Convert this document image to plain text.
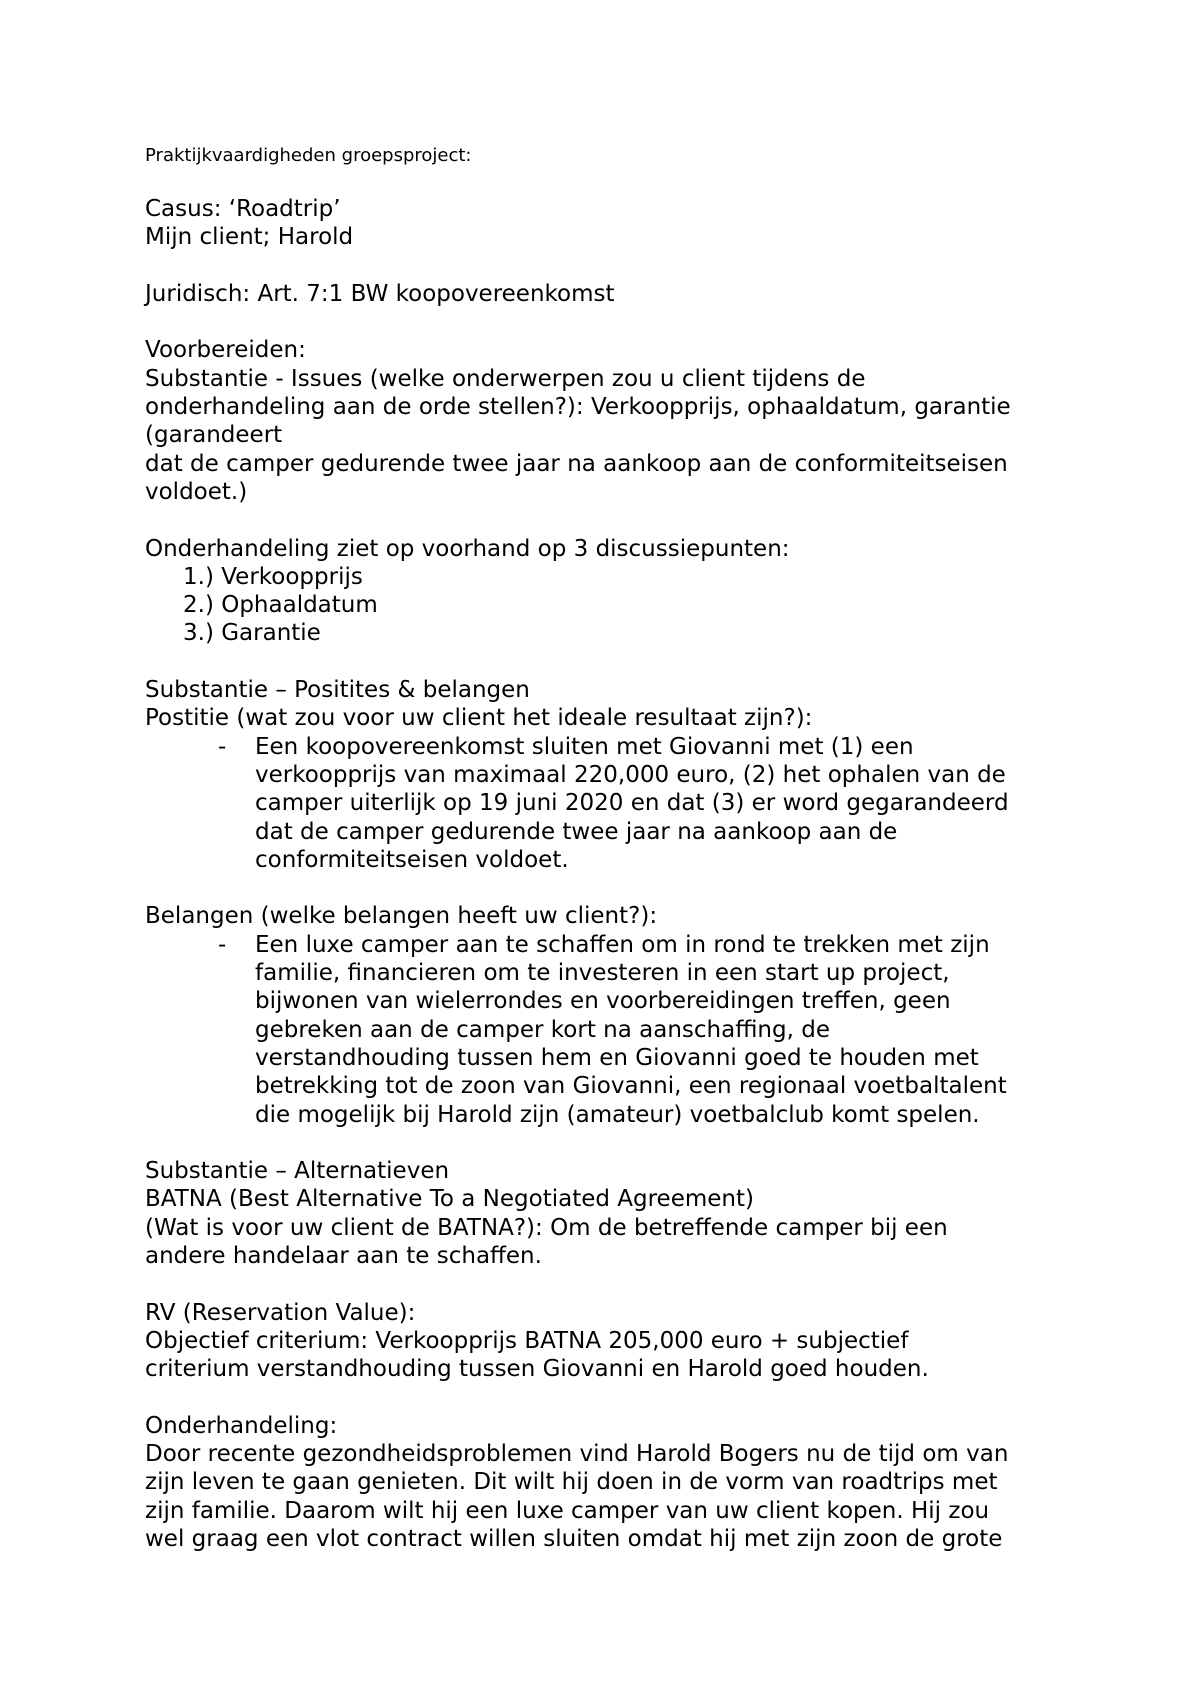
Praktijkvaardigheden groepsproject:
Casus: ‘Roadtrip’
Mijn client; Harold
Juridisch: Art. 7:1 BW koopovereenkomst
Voorbereiden:
Substantie - Issues (welke onderwerpen zou u client tijdens de
onderhandeling aan de orde stellen?): Verkoopprijs, ophaaldatum, garantie
(garandeert
dat de camper gedurende twee jaar na aankoop aan de conformiteitseisen
voldoet.)
Onderhandeling ziet op voorhand op 3 discussiepunten:
1.) Verkoopprijs
2.) Ophaaldatum
3.) Garantie
Substantie – Positites & belangen
Postitie (wat zou voor uw client het ideale resultaat zijn?):
- Een koopovereenkomst sluiten met Giovanni met (1) een
verkoopprijs van maximaal 220,000 euro, (2) het ophalen van de
camper uiterlijk op 19 juni 2020 en dat (3) er word gegarandeerd
dat de camper gedurende twee jaar na aankoop aan de
conformiteitseisen voldoet.
Belangen (welke belangen heeft uw client?):
- Een luxe camper aan te schaffen om in rond te trekken met zijn
familie, financieren om te investeren in een start up project,
bijwonen van wielerrondes en voorbereidingen treffen, geen
gebreken aan de camper kort na aanschaffing, de
verstandhouding tussen hem en Giovanni goed te houden met
betrekking tot de zoon van Giovanni, een regionaal voetbaltalent
die mogelijk bij Harold zijn (amateur) voetbalclub komt spelen.
Substantie – Alternatieven
BATNA (Best Alternative To a Negotiated Agreement)
(Wat is voor uw client de BATNA?): Om de betreffende camper bij een
andere handelaar aan te schaffen.
RV (Reservation Value):
Objectief criterium: Verkoopprijs BATNA 205,000 euro + subjectief
criterium verstandhouding tussen Giovanni en Harold goed houden.
Onderhandeling:
Door recente gezondheidsproblemen vind Harold Bogers nu de tijd om van
zijn leven te gaan genieten. Dit wilt hij doen in de vorm van roadtrips met
zijn familie. Daarom wilt hij een luxe camper van uw client kopen. Hij zou
wel graag een vlot contract willen sluiten omdat hij met zijn zoon de grote
